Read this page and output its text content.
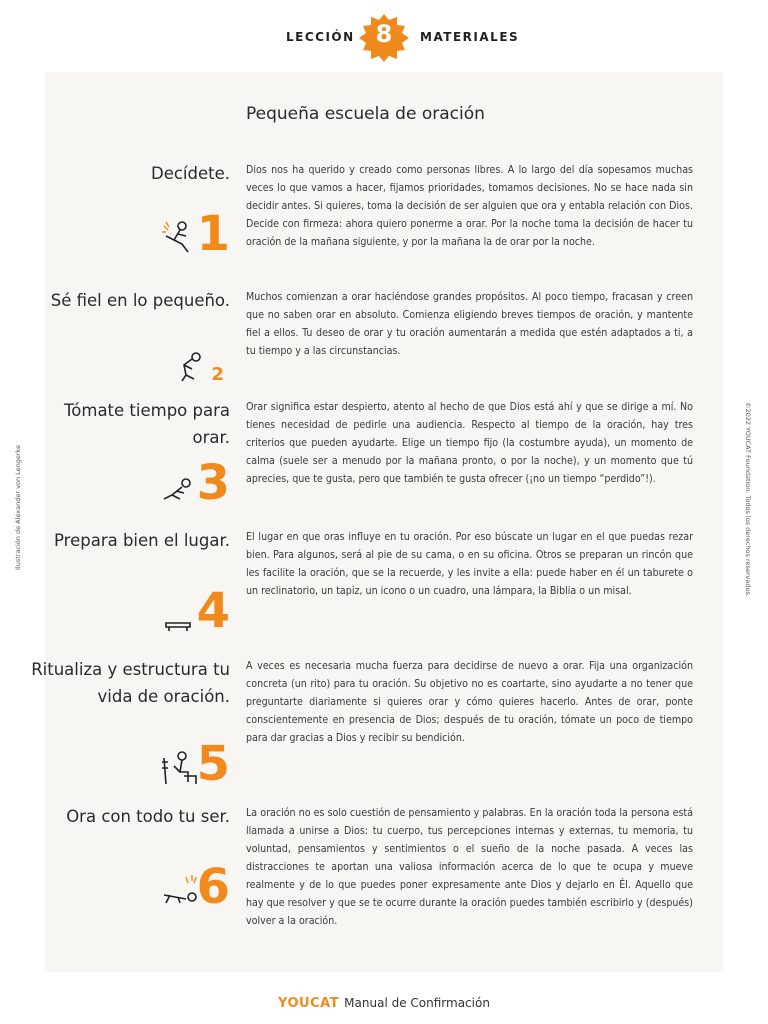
LECCIÓN 8	MATERIALES
Pequeña escuela de oración
Decídete. Dios nos ha querido y creado como personas libres. A lo largo del día sopesamos muchas veces lo que vamos a hacer, fijamos prioridades, tomamos decisiones. No se hace nada sin decidir antes. Si quieres, toma la decisión de ser alguien que ora y entabla relación con Dios. Decide con firmeza: ahora quiero ponerme a orar. Por la noche toma la decisión de hacer tu oración de la mañana siguiente, y por la mañana la de orar por la noche.
1
Sé fiel en lo pequeño. Muchos comienzan a orar haciéndose grandes propósitos. Al poco tiempo, fracasan y creen que no saben orar en absoluto. Comienza eligiendo breves tiempos de oración, y mantente fiel a ellos. Tu deseo de orar y tu oración aumentarán a medida que estén adaptados a ti, a tu tiempo y a las circunstancias.
2
Tómate tiempo para orar.
Orar significa estar despierto, atento al hecho de que Dios está ahí y que se dirige a mí. No tienes necesidad de pedirle una audiencia. Respecto al tiempo de la oración, hay tres criterios que pueden ayudarte. Elige un tiempo fijo (la costumbre ayuda), un momento de calma (suele ser a menudo por la mañana pronto, o por la noche), y un momento que tú aprecies, que te gusta, pero que también te gusta ofrecer (¡no un tiempo “perdido”!).
3
Prepara bien el lugar. El lugar en que oras influye en tu oración. Por eso búscate un lugar en el que puedas rezar bien. Para algunos, será al pie de su cama, o en su oficina. Otros se preparan un rincón que les facilite la oración, que se la recuerde, y les invite a ella: puede haber en él un taburete o un reclinatorio, un tapiz, un icono o un cuadro, una lámpara, la Biblia o un misal.
4
Ritualiza y estructura tu vida de oración.
A veces es necesaria mucha fuerza para decidirse de nuevo a orar. Fija una organización concreta (un rito) para tu oración. Su objetivo no es coartarte, sino ayudarte a no tener que preguntarte diariamente si quieres orar y cómo quieres hacerlo. Antes de orar, ponte conscientemente en presencia de Dios; después de tu oración, tómate un poco de tiempo para dar gracias a Dios y recibir su bendición.
5
Ora con todo tu ser. La oración no es solo cuestión de pensamiento y palabras. En la oración toda la persona está llamada a unirse a Dios: tu cuerpo, tus percepciones internas y externas, tu memoria, tu voluntad, pensamientos y sentimientos o el sueño de la noche pasada. A veces las distracciones te aportan una valiosa información acerca de lo que te ocupa y mueve realmente y de lo que puedes poner expresamente ante Dios y dejarlo en Él. Aquello que hay que resolver y que se te ocurre durante la oración puedes también escribirlo y (después) volver a la oración.
6
Ilustración de Alexander von Lengerke	©2022 YOUCAT Foundation. Todos los derechos reservados.
YOUCAT Manual de Confirmación
